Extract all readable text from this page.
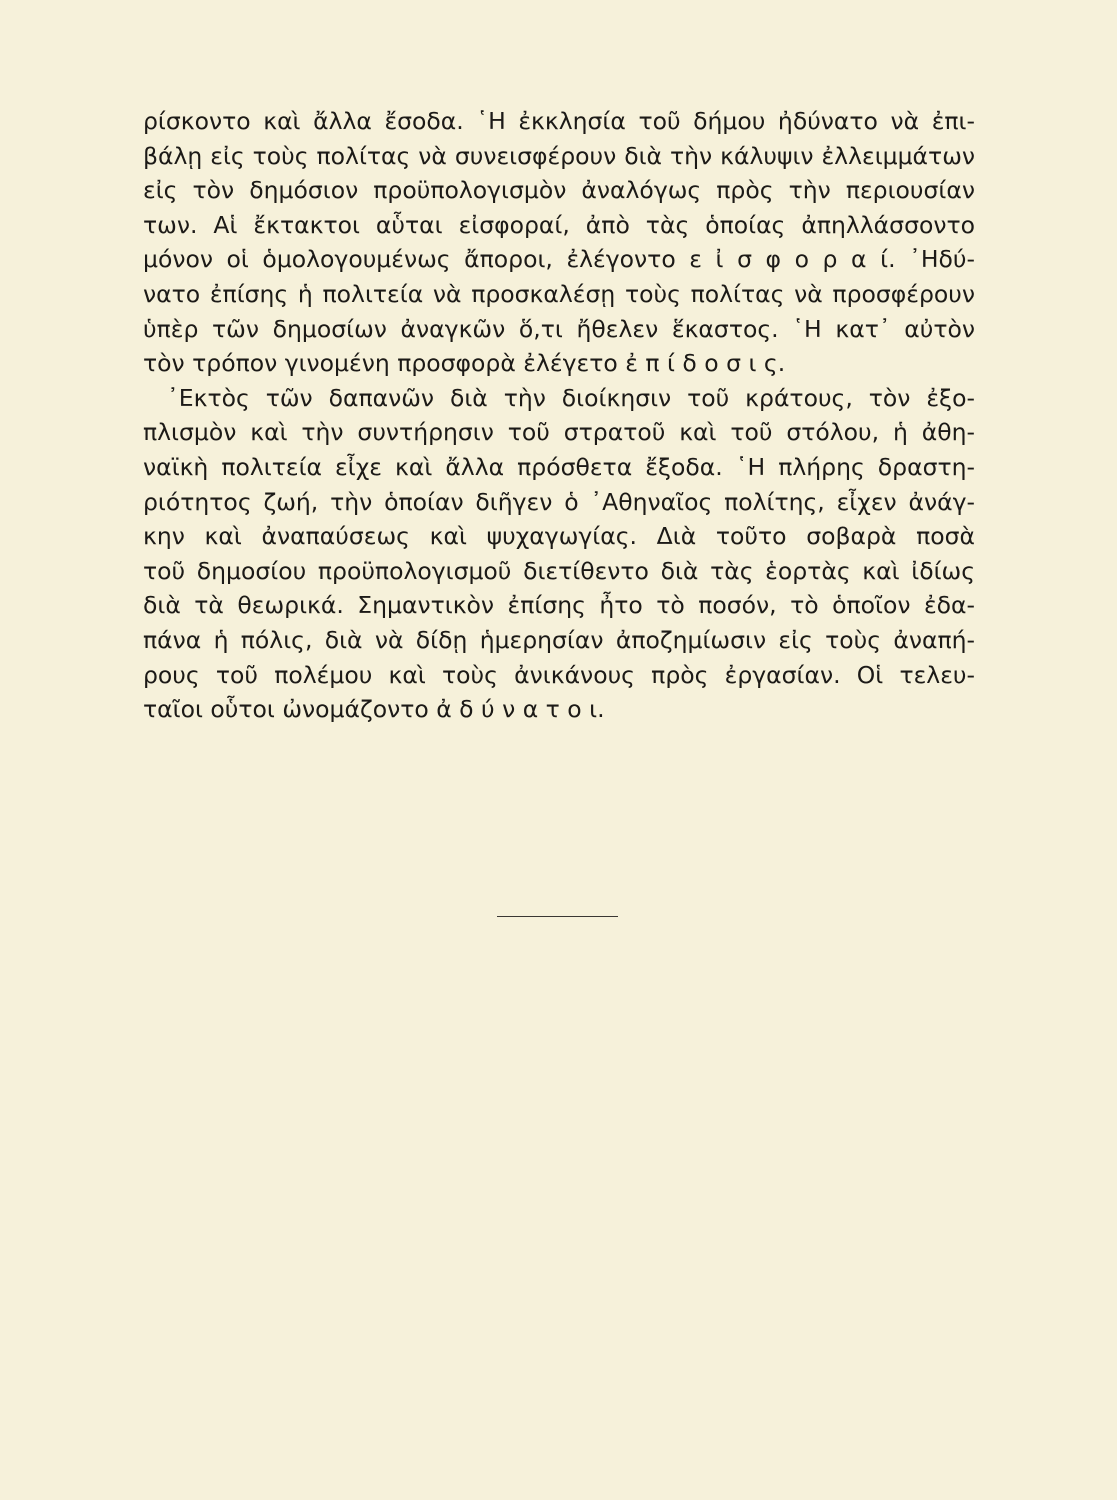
ρίσκοντο καὶ ἄλλα ἔσοδα. ῾Η ἐκκλησία τοῦ δήμου ἠδύνατο νὰ ἐπι-
βάλῃ εἰς τοὺς πολίτας νὰ συνεισφέρουν διὰ τὴν κάλυψιν ἐλλειμμάτων
εἰς τὸν δημόσιον προϋπολογισμὸν ἀναλόγως πρὸς τὴν περιουσίαν
των. Αἱ ἔκτακτοι αὗται εἰσφοραί, ἀπὸ τὰς ὁποίας ἀπηλλάσσοντο
μόνον οἱ ὁμολογουμένως ἄποροι, ἐλέγοντο ε ἰ σ φ ο ρ α ί. ᾿Ηδύ-
νατο ἐπίσης ἡ πολιτεία νὰ προσκαλέσῃ τοὺς πολίτας νὰ προσφέρουν
ὑπὲρ τῶν δημοσίων ἀναγκῶν ὅ,τι ἤθελεν ἕκαστος. ῾Η κατ᾿ αὐτὸν
τὸν τρόπον γινομένη προσφορὰ ἐλέγετο ἐ π ί δ ο σ ι ς.
᾿Εκτὸς τῶν δαπανῶν διὰ τὴν διοίκησιν τοῦ κράτους, τὸν ἐξο-
πλισμὸν καὶ τὴν συντήρησιν τοῦ στρατοῦ καὶ τοῦ στόλου, ἡ ἀθη-
ναϊκὴ πολιτεία εἶχε καὶ ἄλλα πρόσθετα ἔξοδα. ῾Η πλήρης δραστη-
ριότητος ζωή, τὴν ὁποίαν διῆγεν ὁ ᾿Αθηναῖος πολίτης, εἶχεν ἀνάγ-
κην καὶ ἀναπαύσεως καὶ ψυχαγωγίας. Διὰ τοῦτο σοβαρὰ ποσὰ
τοῦ δημοσίου προϋπολογισμοῦ διετίθεντο διὰ τὰς ἑορτὰς καὶ ἰδίως
διὰ τὰ θεωρικά. Σημαντικὸν ἐπίσης ἦτο τὸ ποσόν, τὸ ὁποῖον ἐδα-
πάνα ἡ πόλις, διὰ νὰ δίδῃ ἡμερησίαν ἀποζημίωσιν εἰς τοὺς ἀναπή-
ρους τοῦ πολέμου καὶ τοὺς ἀνικάνους πρὸς ἐργασίαν. Οἱ τελευ-
ταῖοι οὗτοι ὠνομάζοντο ἀ δ ύ ν α τ ο ι.
